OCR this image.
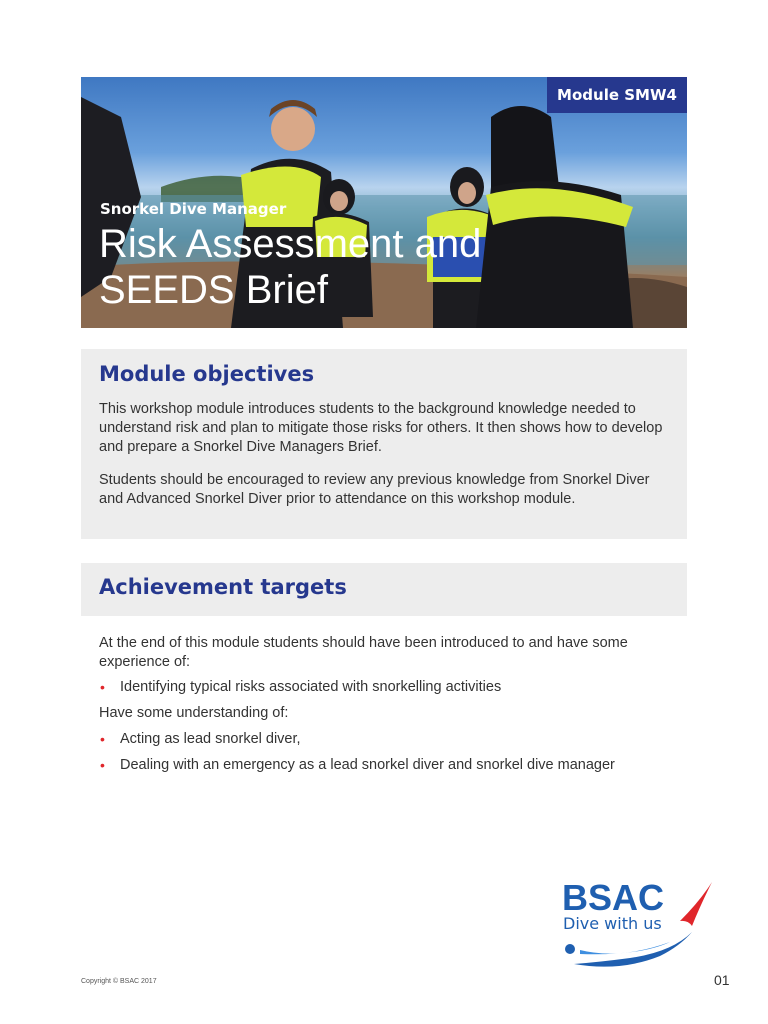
Module SMW4
Snorkel Dive Manager
Risk Assessment and SEEDS Brief
Module objectives

This workshop module introduces students to the background knowledge needed to understand risk and plan to mitigate those risks for others. It then shows how to develop and prepare a Snorkel Dive Managers Brief.

Students should be encouraged to review any previous knowledge from Snorkel Diver and Advanced Snorkel Diver prior to attendance on this workshop module.

Achievement targets

At the end of this module students should have been introduced to and have some experience of:

• Identifying typical risks associated with snorkelling activities

Have some understanding of:

• Acting as lead snorkel diver,
• Dealing with an emergency as a lead snorkel diver and snorkel dive manager
BSAC
Dive with us
Copyright © BSAC 2017	01
